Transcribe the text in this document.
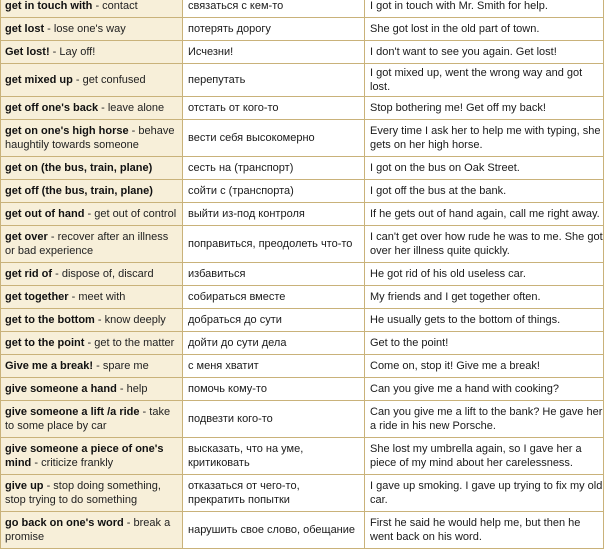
get in touch with - contact	связаться с кем-то	I got in touch with Mr. Smith for help.
get lost - lose one's way	потерять дорогу	She got lost in the old part of town.
Get lost! - Lay off!	Исчезни!	I don't want to see you again. Get lost!
get mixed up - get confused	перепутать	I got mixed up, went the wrong way and got lost.
get off one's back - leave alone	отстать от кого-то	Stop bothering me! Get off my back!
get on one's high horse - behave haughtily towards someone	вести себя высокомерно	Every time I ask her to help me with typing, she gets on her high horse.
get on (the bus, train, plane)	сесть на (транспорт)	I got on the bus on Oak Street.
get off (the bus, train, plane)	сойти с (транспорта)	I got off the bus at the bank.
get out of hand - get out of control	выйти из-под контроля	If he gets out of hand again, call me right away.
get over - recover after an illness or bad experience	поправиться, преодолеть что-то	I can't get over how rude he was to me. She got over her illness quite quickly.
get rid of - dispose of, discard	избавиться	He got rid of his old useless car.
get together - meet with	собираться вместе	My friends and I get together often.
get to the bottom - know deeply	добраться до сути	He usually gets to the bottom of things.
get to the point - get to the matter	дойти до сути дела	Get to the point!
Give me a break! - spare me	с меня хватит	Come on, stop it! Give me a break!
give someone a hand - help	помочь кому-то	Can you give me a hand with cooking?
give someone a lift /a ride - take to some place by car	подвезти кого-то	Can you give me a lift to the bank? He gave her a ride in his new Porsche.
give someone a piece of one's mind - criticize frankly	высказать, что на уме, критиковать	She lost my umbrella again, so I gave her a piece of my mind about her carelessness.
give up - stop doing something, stop trying to do something	отказаться от чего-то, прекратить попытки	I gave up smoking. I gave up trying to fix my old car.
go back on one's word - break a promise	нарушить свое слово, обещание	First he said he would help me, but then he went back on his word.
